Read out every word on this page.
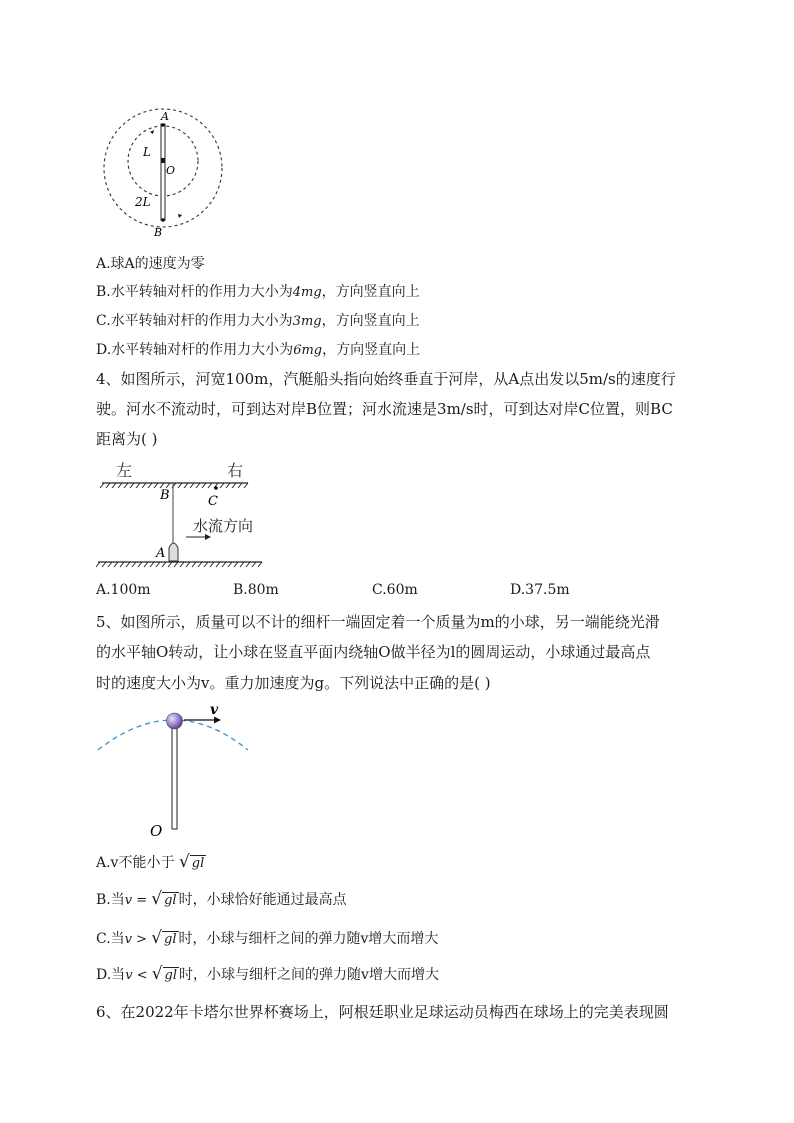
A
L
O
2L
B
A.球A的速度为零
B.水平转轴对杆的作用力大小为4mg，方向竖直向上
C.水平转轴对杆的作用力大小为3mg，方向竖直向上
D.水平转轴对杆的作用力大小为6mg，方向竖直向上
4、如图所示，河宽100m，汽艇船头指向始终垂直于河岸，从A点出发以5m/s的速度行
驶。河水不流动时，可到达对岸B位置；河水流速是3m/s时，可到达对岸C位置，则BC
距离为( )
左	右
B	C
A
水流方向
A.100m	B.80m	C.60m	D.37.5m
5、如图所示，质量可以不计的细杆一端固定着一个质量为m的小球，另一端能绕光滑
的水平轴O转动，让小球在竖直平面内绕轴O做半径为l的圆周运动，小球通过最高点
时的速度大小为v。重力加速度为g。下列说法中正确的是( )
v
O
A.v不能小于 √ gl
B.当v = √ gl 时，小球恰好能通过最高点
C.当v > √ gl 时，小球与细杆之间的弹力随v增大而增大
D.当v < √ gl 时，小球与细杆之间的弹力随v增大而增大
6、在2022年卡塔尔世界杯赛场上，阿根廷职业足球运动员梅西在球场上的完美表现圆
